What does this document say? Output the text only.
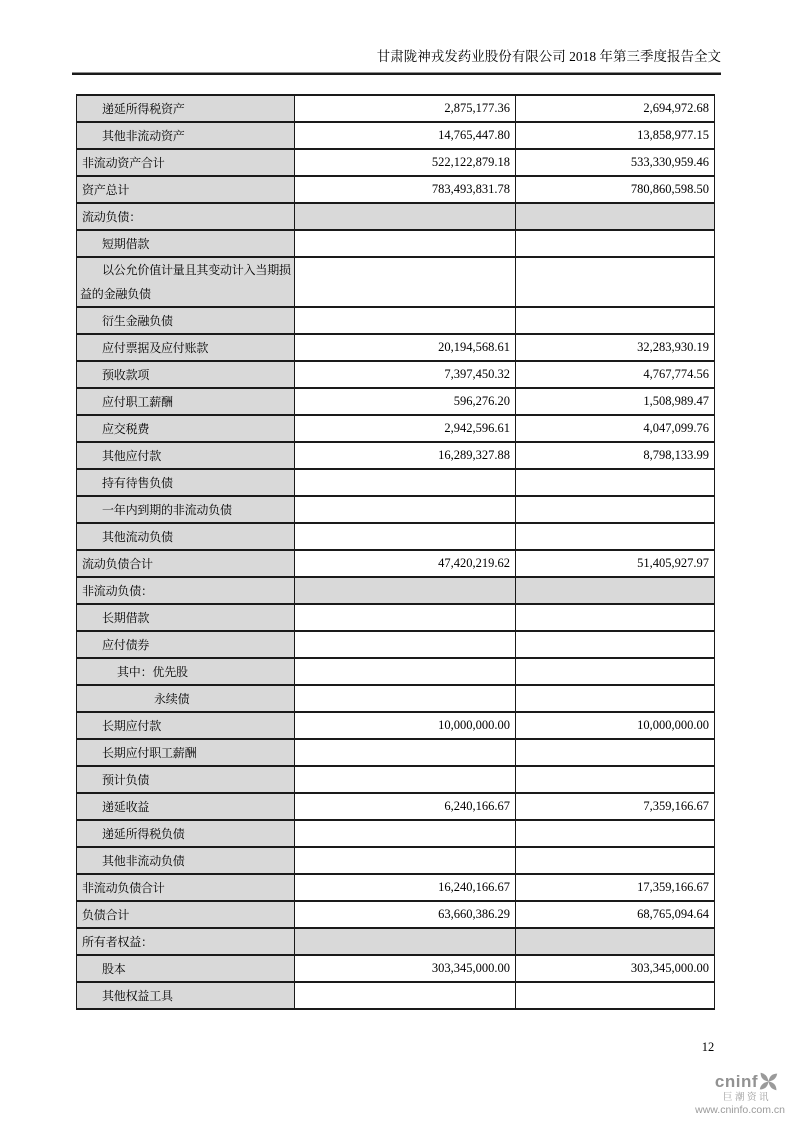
甘肃陇神戎发药业股份有限公司 2018 年第三季度报告全文
递延所得税资产	2,875,177.36	2,694,972.68
其他非流动资产	14,765,447.80	13,858,977.15
非流动资产合计	522,122,879.18	533,330,959.46
资产总计	783,493,831.78	780,860,598.50
流动负债：		
短期借款		
以公允价值计量且其变动计入当期损益的金融负债		
衍生金融负债		
应付票据及应付账款	20,194,568.61	32,283,930.19
预收款项	7,397,450.32	4,767,774.56
应付职工薪酬	596,276.20	1,508,989.47
应交税费	2,942,596.61	4,047,099.76
其他应付款	16,289,327.88	8,798,133.99
持有待售负债		
一年内到期的非流动负债		
其他流动负债		
流动负债合计	47,420,219.62	51,405,927.97
非流动负债：		
长期借款		
应付债券		
其中：优先股		
永续债		
长期应付款	10,000,000.00	10,000,000.00
长期应付职工薪酬		
预计负债		
递延收益	6,240,166.67	7,359,166.67
递延所得税负债		
其他非流动负债		
非流动负债合计	16,240,166.67	17,359,166.67
负债合计	63,660,386.29	68,765,094.64
所有者权益：		
股本	303,345,000.00	303,345,000.00
其他权益工具		
12
cninf
巨潮资讯
www.cninfo.com.cn
